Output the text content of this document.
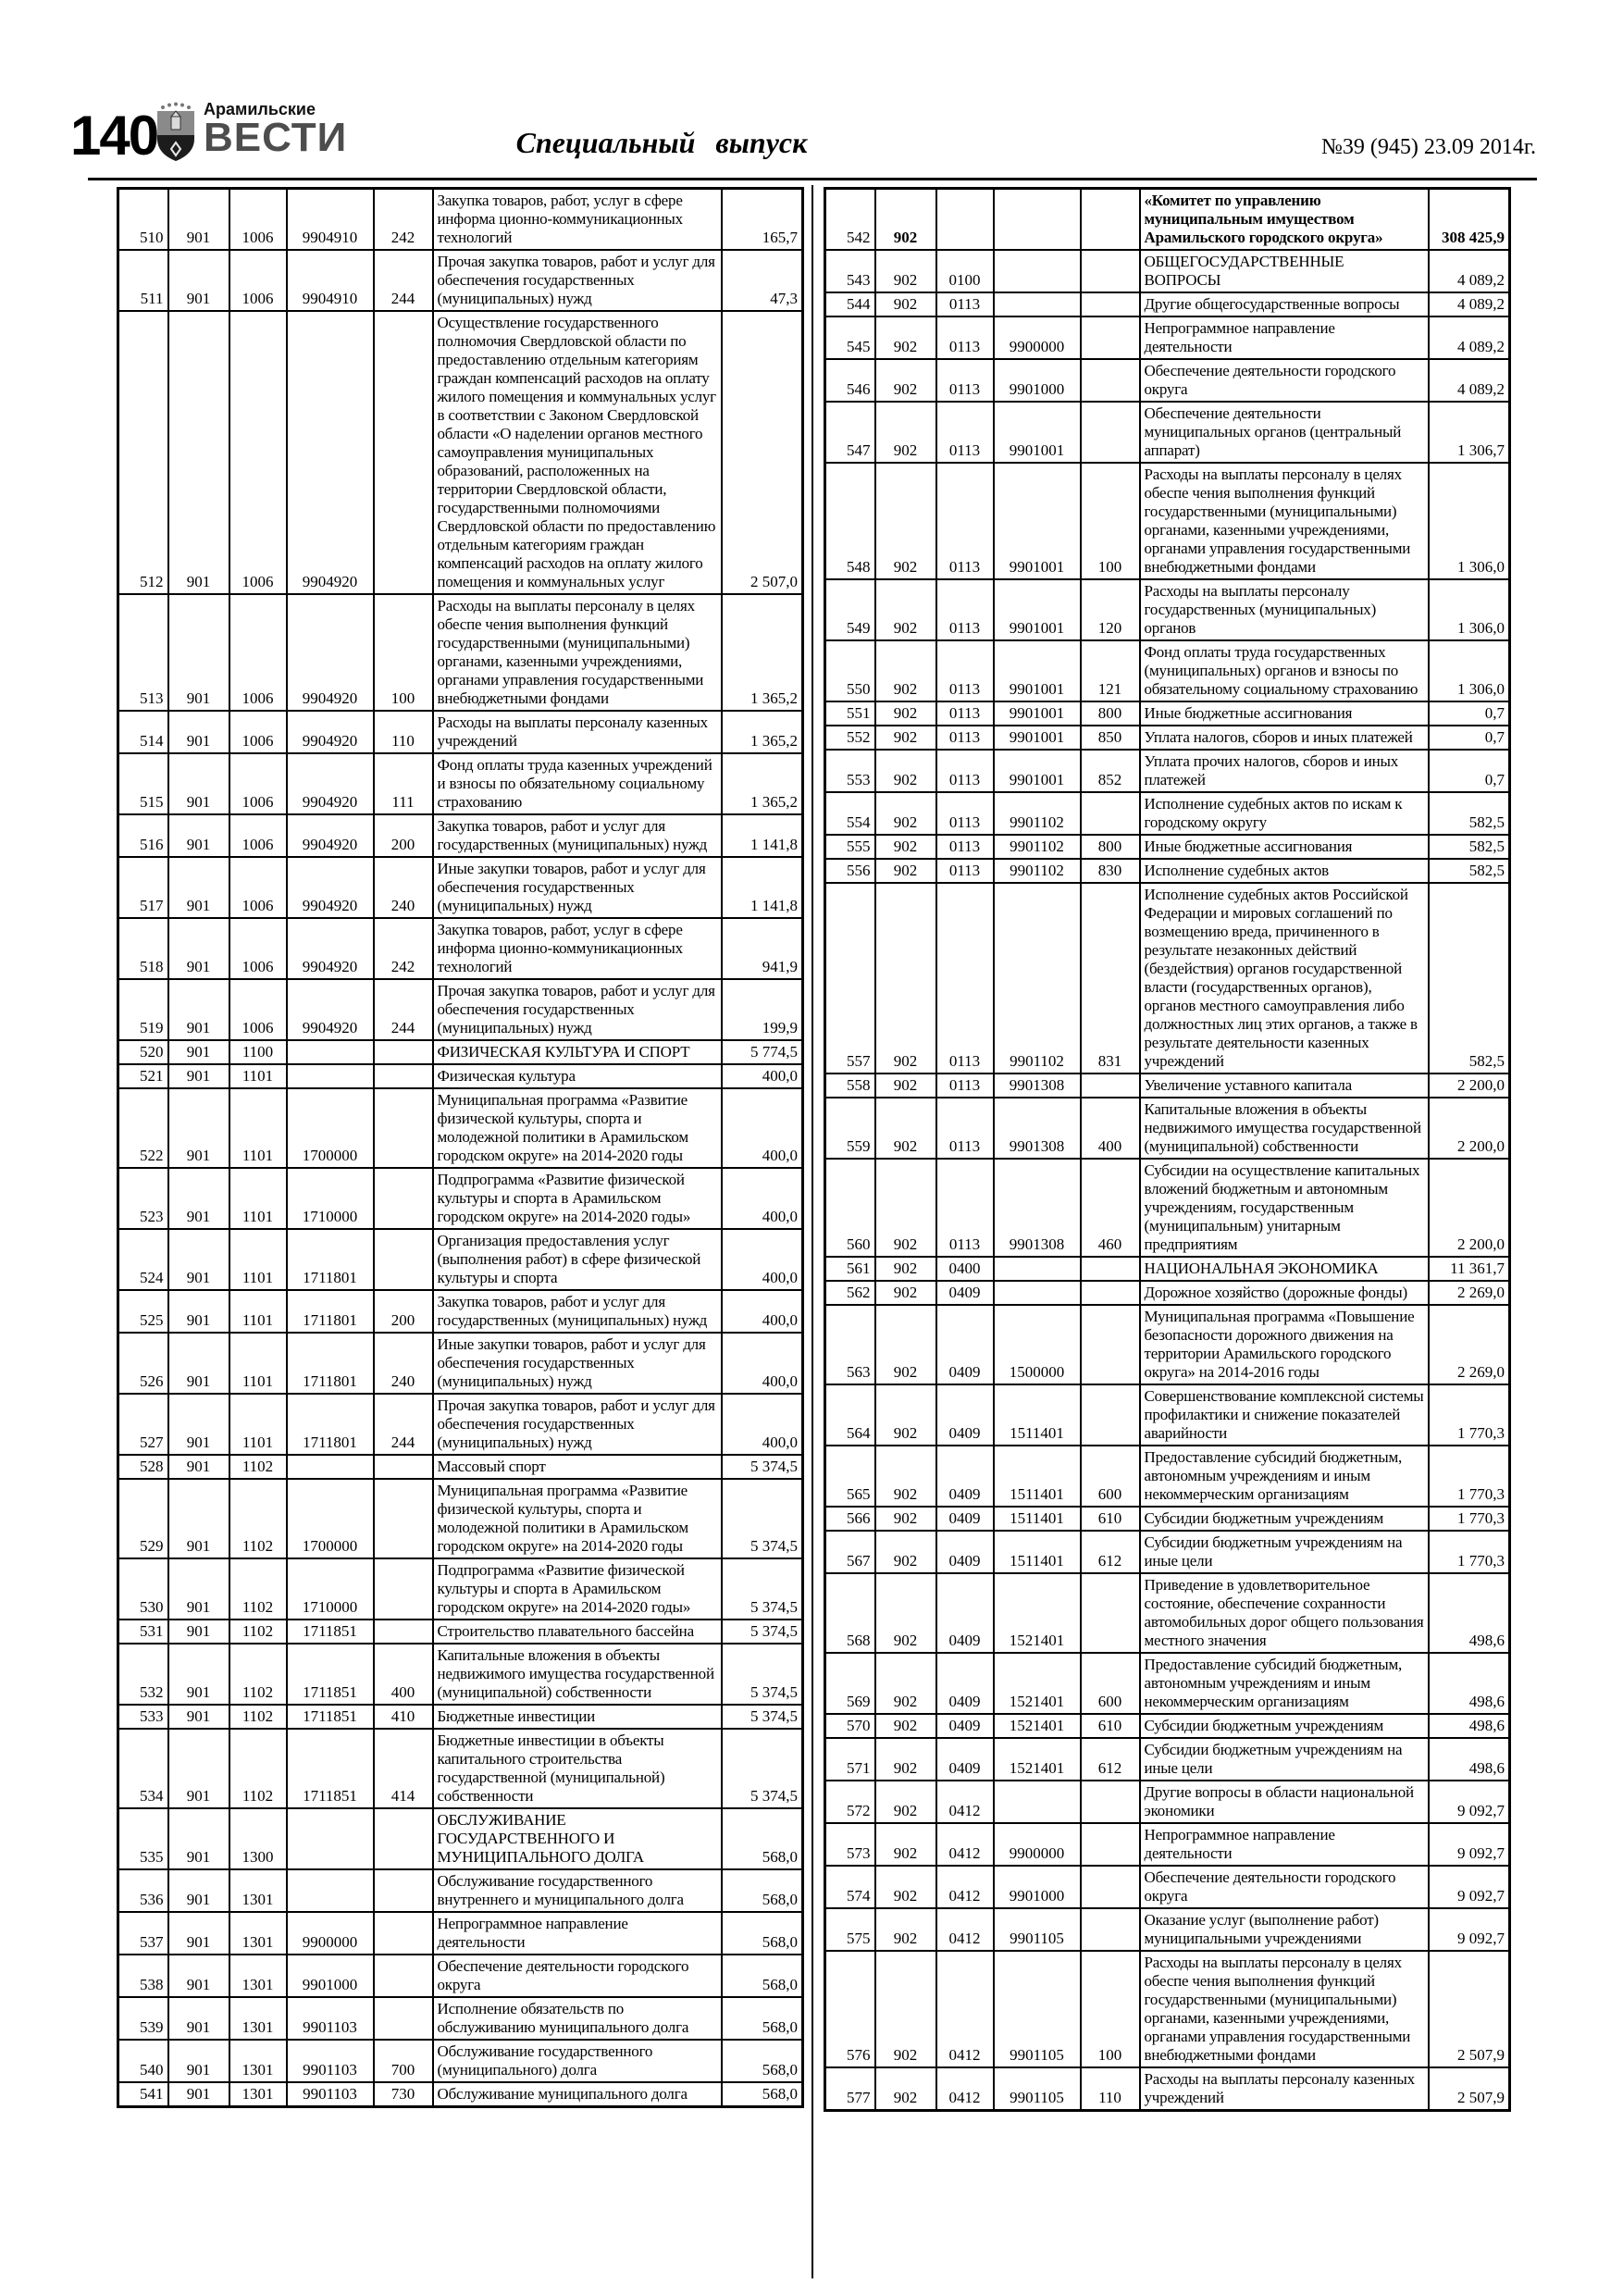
140	Арамильские
ВЕСТИ	Специальный выпуск	№39 (945) 23.09 2014г.
510	901	1006	9904910	242	Закупка товаров, работ, услуг в сфере информа ционно-коммуникационных технологий	165,7
511	901	1006	9904910	244	Прочая закупка товаров, работ и услуг для обеспечения государственных (муниципальных) нужд	47,3
512	901	1006	9904920		Осуществление государственного полномочия Свердловской области по предоставлению отдельным категориям граждан компенсаций расходов на оплату жилого помещения и коммунальных услуг в соответствии с Законом Свердловской области «О наделении органов местного самоуправления муниципальных образований, расположенных на территории Свердловской области, государственными полномочиями Свердловской области по предоставлению отдельным категориям граждан компенсаций расходов на оплату жилого помещения и коммунальных услуг	2 507,0
513	901	1006	9904920	100	Расходы на выплаты персоналу в целях обеспе чения выполнения функций государственными (муниципальными) органами, казенными учреждениями, органами управления государственными внебюджетными фондами	1 365,2
514	901	1006	9904920	110	Расходы на выплаты персоналу казенных учреждений	1 365,2
515	901	1006	9904920	111	Фонд оплаты труда казенных учреждений и взносы по обязательному социальному страхованию	1 365,2
516	901	1006	9904920	200	Закупка товаров, работ и услуг для государственных (муниципальных) нужд	1 141,8
517	901	1006	9904920	240	Иные закупки товаров, работ и услуг для обеспечения государственных (муниципальных) нужд	1 141,8
518	901	1006	9904920	242	Закупка товаров, работ, услуг в сфере информа ционно-коммуникационных технологий	941,9
519	901	1006	9904920	244	Прочая закупка товаров, работ и услуг для обеспечения государственных (муниципальных) нужд	199,9
520	901	1100			ФИЗИЧЕСКАЯ КУЛЬТУРА И СПОРТ	5 774,5
521	901	1101			Физическая культура	400,0
522	901	1101	1700000		Муниципальная программа «Развитие физической культуры, спорта и молодежной политики в Арамильском городском округе» на 2014-2020 годы	400,0
523	901	1101	1710000		Подпрограмма «Развитие физической культуры и спорта в Арамильском городском округе» на 2014-2020 годы»	400,0
524	901	1101	1711801		Организация предоставления услуг (выполнения работ) в сфере физической культуры и спорта	400,0
525	901	1101	1711801	200	Закупка товаров, работ и услуг для государственных (муниципальных) нужд	400,0
526	901	1101	1711801	240	Иные закупки товаров, работ и услуг для обеспечения государственных (муниципальных) нужд	400,0
527	901	1101	1711801	244	Прочая закупка товаров, работ и услуг для обеспечения государственных (муниципальных) нужд	400,0
528	901	1102			Массовый спорт	5 374,5
529	901	1102	1700000		Муниципальная программа «Развитие физической культуры, спорта и молодежной политики в Арамильском городском округе» на 2014-2020 годы	5 374,5
530	901	1102	1710000		Подпрограмма «Развитие физической культуры и спорта в Арамильском городском округе» на 2014-2020 годы»	5 374,5
531	901	1102	1711851		Строительство плавательного бассейна	5 374,5
532	901	1102	1711851	400	Капитальные вложения в объекты недвижимого имущества государственной (муниципальной) собственности	5 374,5
533	901	1102	1711851	410	Бюджетные инвестиции	5 374,5
534	901	1102	1711851	414	Бюджетные инвестиции в объекты капитального строительства государственной (муниципальной) собственности	5 374,5
535	901	1300			ОБСЛУЖИВАНИЕ ГОСУДАРСТВЕННОГО И МУНИЦИПАЛЬНОГО ДОЛГА	568,0
536	901	1301			Обслуживание государственного внутреннего и муниципального долга	568,0
537	901	1301	9900000		Непрограммное направление деятельности	568,0
538	901	1301	9901000		Обеспечение деятельности городского округа	568,0
539	901	1301	9901103		Исполнение обязательств по обслуживанию муниципального долга	568,0
540	901	1301	9901103	700	Обслуживание государственного (муниципального) долга	568,0
541	901	1301	9901103	730	Обслуживание муниципального долга	568,0
542	902				«Комитет по управлению муниципальным имуществом Арамильского городского округа»	308 425,9
543	902	0100			ОБЩЕГОСУДАРСТВЕННЫЕ ВОПРОСЫ	4 089,2
544	902	0113			Другие общегосударственные вопросы	4 089,2
545	902	0113	9900000		Непрограммное направление деятельности	4 089,2
546	902	0113	9901000		Обеспечение деятельности городского округа	4 089,2
547	902	0113	9901001		Обеспечение деятельности муниципальных органов (центральный аппарат)	1 306,7
548	902	0113	9901001	100	Расходы на выплаты персоналу в целях обеспе чения выполнения функций государственными (муниципальными) органами, казенными учреждениями, органами управления государственными внебюджетными фондами	1 306,0
549	902	0113	9901001	120	Расходы на выплаты персоналу государственных (муниципальных) органов	1 306,0
550	902	0113	9901001	121	Фонд оплаты труда государственных (муниципальных) органов и взносы по обязательному социальному страхованию	1 306,0
551	902	0113	9901001	800	Иные бюджетные ассигнования	0,7
552	902	0113	9901001	850	Уплата налогов, сборов и иных платежей	0,7
553	902	0113	9901001	852	Уплата прочих налогов, сборов и иных платежей	0,7
554	902	0113	9901102		Исполнение судебных актов по искам к городскому округу	582,5
555	902	0113	9901102	800	Иные бюджетные ассигнования	582,5
556	902	0113	9901102	830	Исполнение судебных актов	582,5
557	902	0113	9901102	831	Исполнение судебных актов Российской Федерации и мировых соглашений по возмещению вреда, причиненного в результате незаконных действий (бездействия) органов государственной власти (государственных органов), органов местного самоуправления либо должностных лиц этих органов, а также в результате деятельности казенных учреждений	582,5
558	902	0113	9901308		Увеличение уставного капитала	2 200,0
559	902	0113	9901308	400	Капитальные вложения в объекты недвижимого имущества государственной (муниципальной) собственности	2 200,0
560	902	0113	9901308	460	Субсидии на осуществление капитальных вложений бюджетным и автономным учреждениям, государственным (муниципальным) унитарным предприятиям	2 200,0
561	902	0400			НАЦИОНАЛЬНАЯ ЭКОНОМИКА	11 361,7
562	902	0409			Дорожное хозяйство (дорожные фонды)	2 269,0
563	902	0409	1500000		Муниципальная программа «Повышение безопасности дорожного движения на территории Арамильского городского округа» на 2014-2016 годы	2 269,0
564	902	0409	1511401		Совершенствование комплексной системы профилактики и снижение показателей аварийности	1 770,3
565	902	0409	1511401	600	Предоставление субсидий бюджетным, автономным учреждениям и иным некоммерческим организациям	1 770,3
566	902	0409	1511401	610	Субсидии бюджетным учреждениям	1 770,3
567	902	0409	1511401	612	Субсидии бюджетным учреждениям на иные цели	1 770,3
568	902	0409	1521401		Приведение в удовлетворительное состояние, обеспечение сохранности автомобильных дорог общего пользования местного значения	498,6
569	902	0409	1521401	600	Предоставление субсидий бюджетным, автономным учреждениям и иным некоммерческим организациям	498,6
570	902	0409	1521401	610	Субсидии бюджетным учреждениям	498,6
571	902	0409	1521401	612	Субсидии бюджетным учреждениям на иные цели	498,6
572	902	0412			Другие вопросы в области национальной экономики	9 092,7
573	902	0412	9900000		Непрограммное направление деятельности	9 092,7
574	902	0412	9901000		Обеспечение деятельности городского округа	9 092,7
575	902	0412	9901105		Оказание услуг (выполнение работ) муниципальными учреждениями	9 092,7
576	902	0412	9901105	100	Расходы на выплаты персоналу в целях обеспе чения выполнения функций государственными (муниципальными) органами, казенными учреждениями, органами управления государственными внебюджетными фондами	2 507,9
577	902	0412	9901105	110	Расходы на выплаты персоналу казенных учреждений	2 507,9
